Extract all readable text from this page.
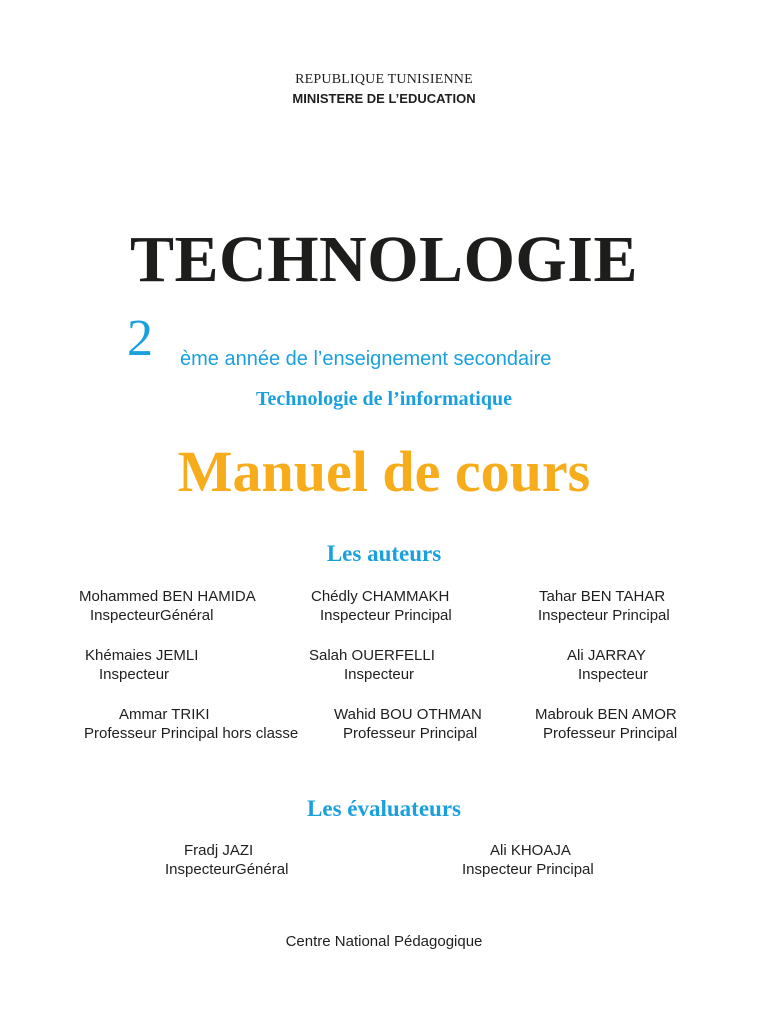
REPUBLIQUE TUNISIENNE
MINISTERE DE L’EDUCATION
TECHNOLOGIE
2 ème année de l’enseignement secondaire
Technologie de l’informatique
Manuel de cours
Les auteurs
Mohammed BEN HAMIDA
InspecteurGénéral
Chédly CHAMMAKH
Inspecteur Principal
Tahar BEN TAHAR
Inspecteur Principal
Khémaies JEMLI
Inspecteur
Salah OUERFELLI
Inspecteur
Ali JARRAY
Inspecteur
Ammar TRIKI
Professeur Principal hors classe
Wahid BOU OTHMAN
Professeur Principal
Mabrouk BEN AMOR
Professeur Principal
Les évaluateurs
Fradj JAZI
InspecteurGénéral
Ali KHOAJA
Inspecteur Principal
Centre National Pédagogique
